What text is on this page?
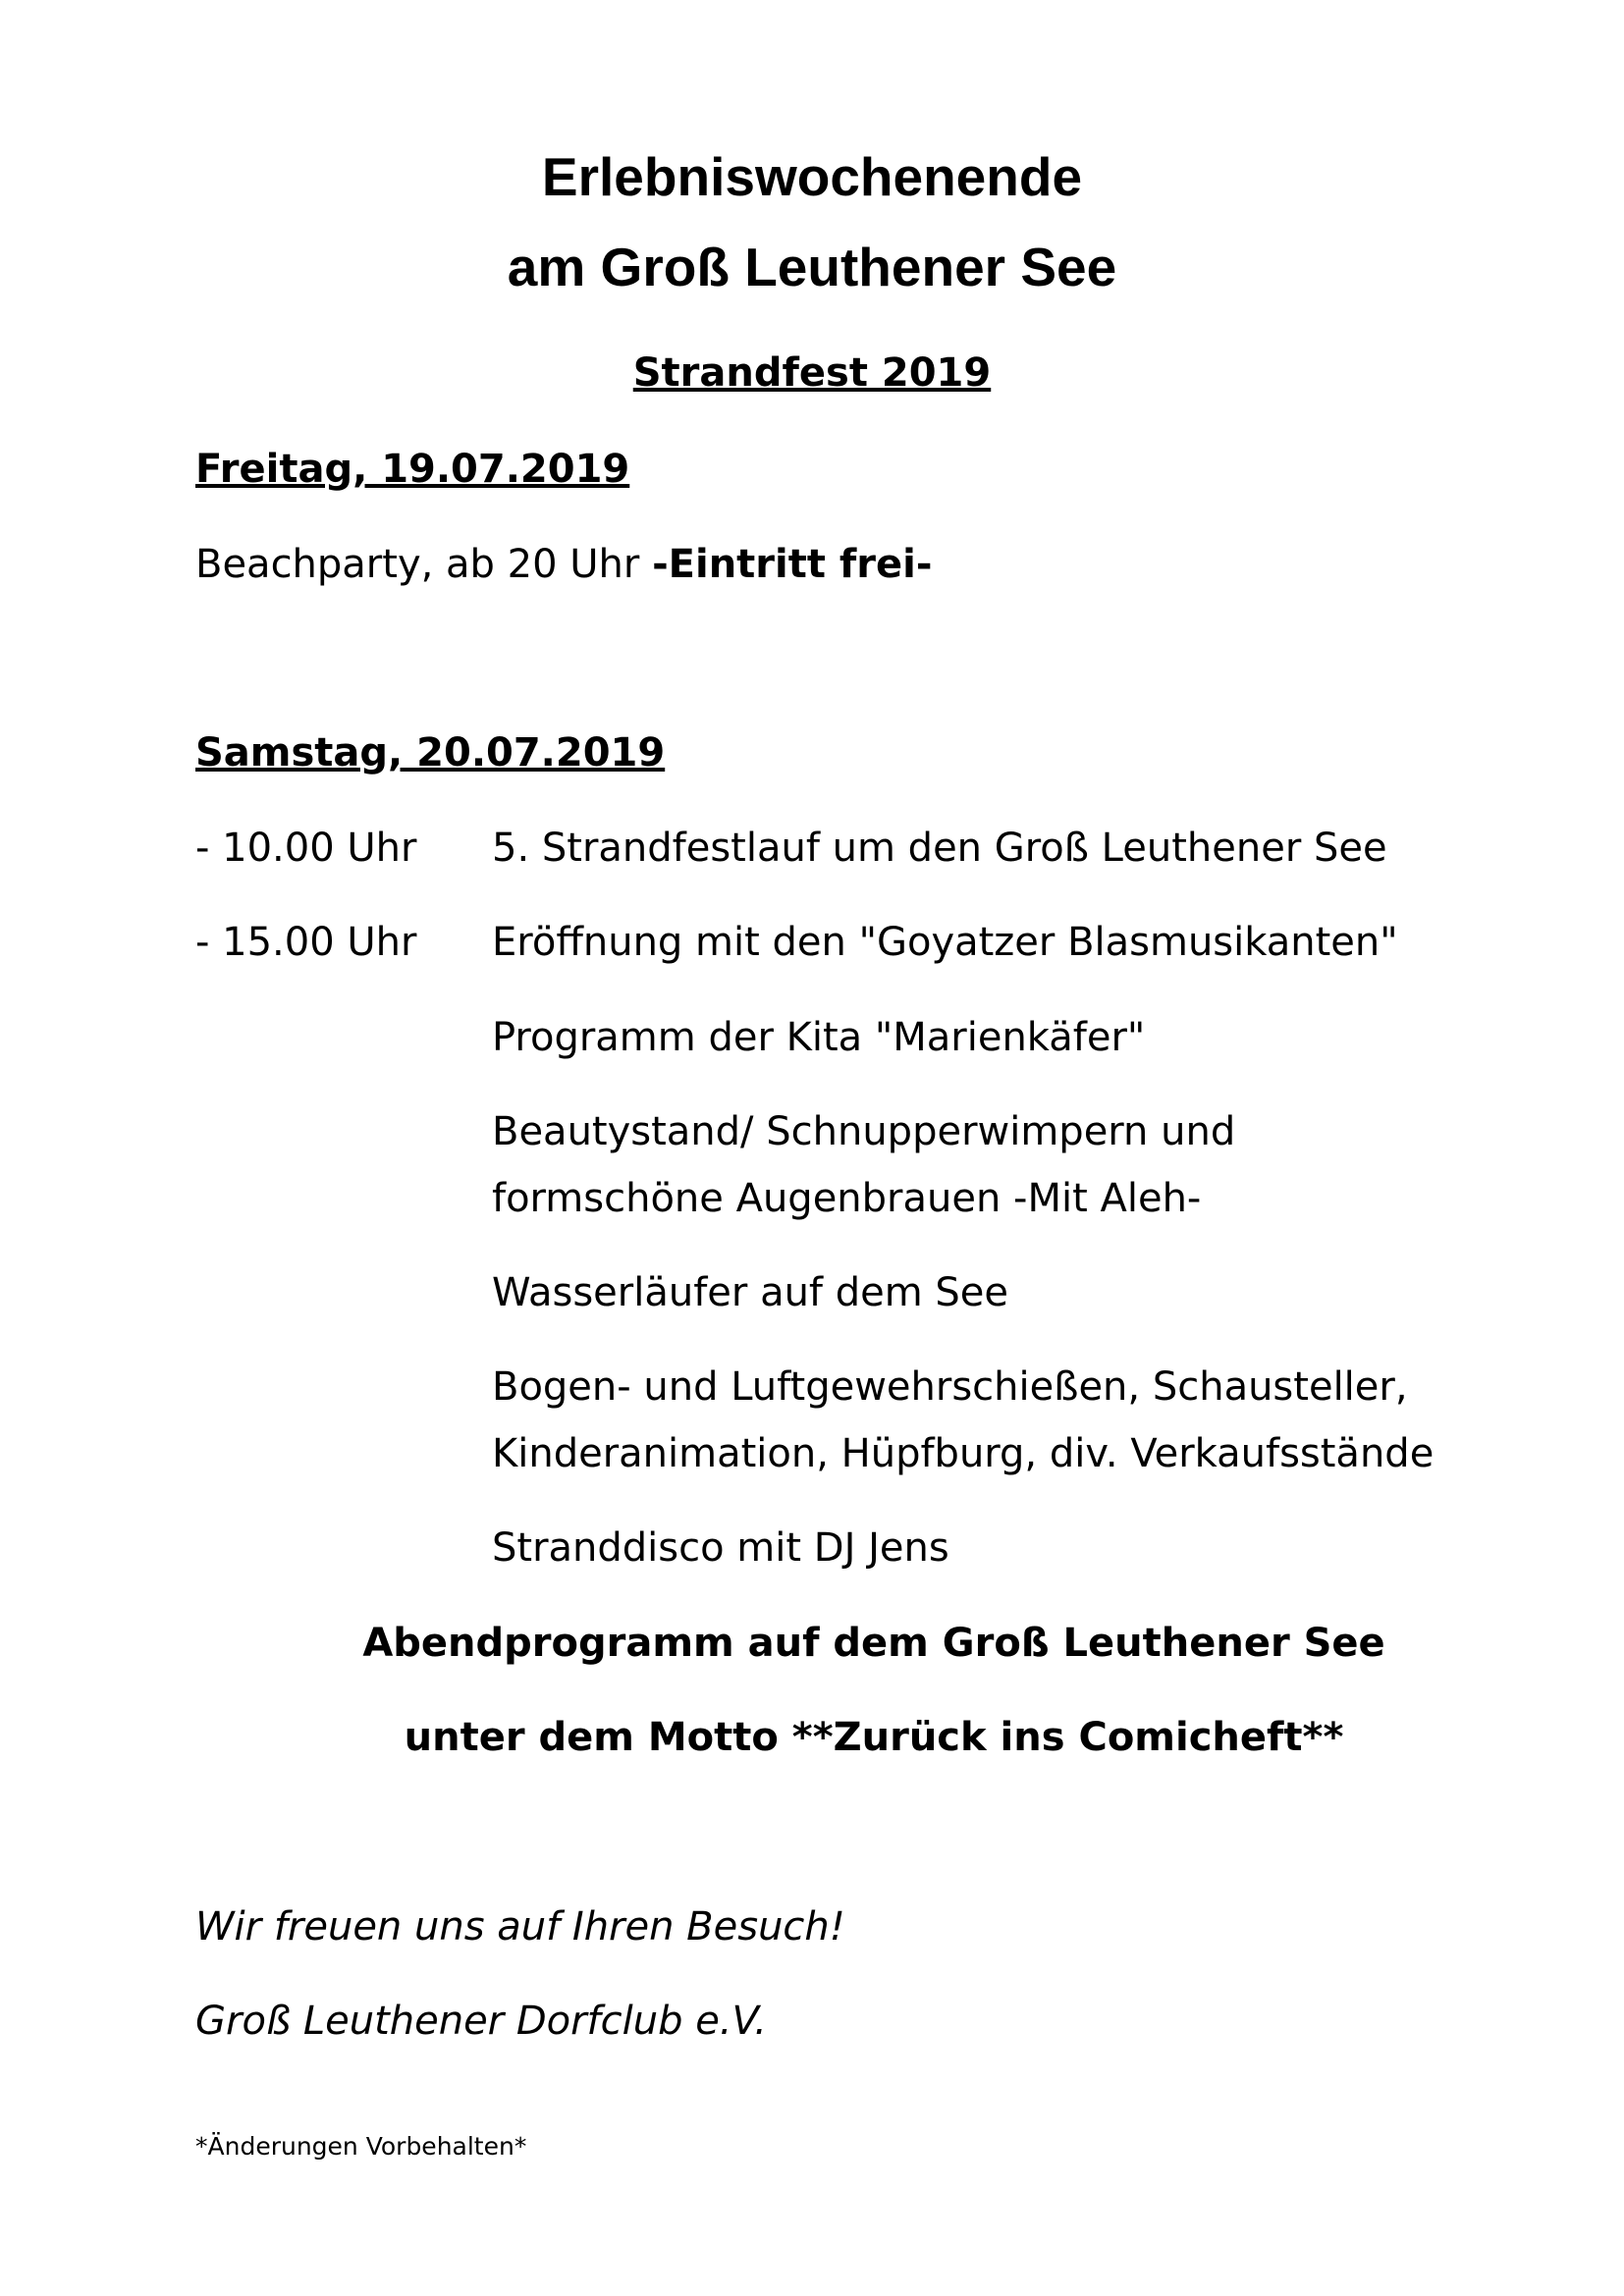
Erlebniswochenende
am Groß Leuthener See
Strandfest 2019
Freitag, 19.07.2019
Beachparty, ab 20 Uhr -Eintritt frei-
Samstag, 20.07.2019
- 10.00 Uhr 5. Strandfestlauf um den Groß Leuthener See
- 15.00 Uhr Eröffnung mit den "Goyatzer Blasmusikanten"
Programm der Kita "Marienkäfer"
Beautystand/ Schnupperwimpern und
formschöne Augenbrauen -Mit Aleh-
Wasserläufer auf dem See
Bogen- und Luftgewehrschießen, Schausteller,
Kinderanimation, Hüpfburg, div. Verkaufsstände
Stranddisco mit DJ Jens
Abendprogramm auf dem Groß Leuthener See
unter dem Motto **Zurück ins Comicheft**
Wir freuen uns auf Ihren Besuch!
Groß Leuthener Dorfclub e.V.
*Änderungen Vorbehalten*
